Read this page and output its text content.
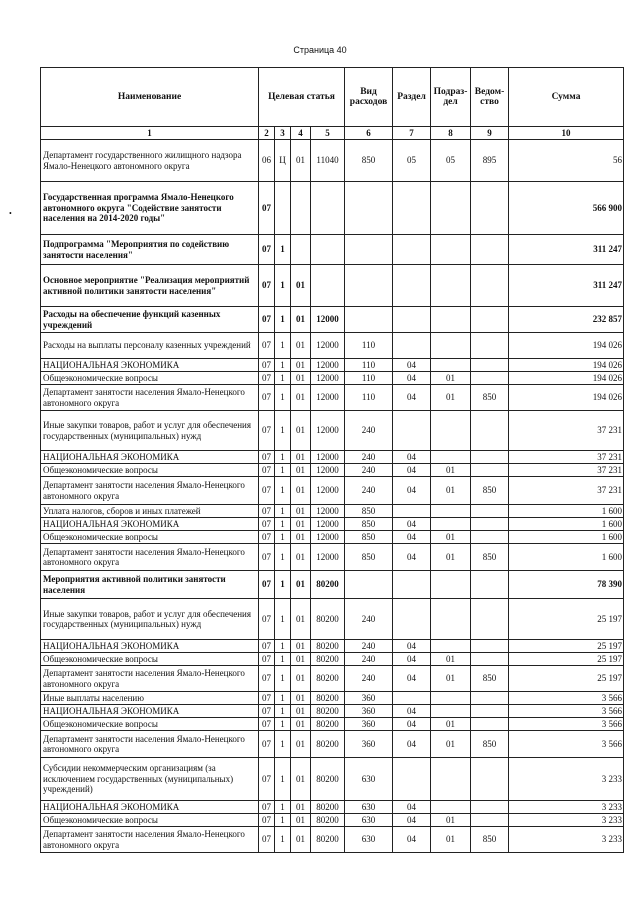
Страница 40
•
Наименование	Целевая статья				Вид расходов	Раздел	Подраз-дел	Ведом-ство	Сумма
1	2	3	4	5	6	7	8	9	10
Департамент государственного жилищного надзора Ямало-Ненецкого автономного округа	06	Ц	01	11040	850	05	05	895	56
Государственная программа Ямало-Ненецкого автономного округа "Содействие занятости населения на 2014-2020 годы"	07								566 900
Подпрограмма "Мероприятия по содействию занятости населения"	07	1							311 247
Основное мероприятие "Реализация мероприятий активной политики занятости населения"	07	1	01						311 247
Расходы на обеспечение функций казенных учреждений	07	1	01	12000					232 857
Расходы на выплаты персоналу казенных учреждений	07	1	01	12000	110				194 026
НАЦИОНАЛЬНАЯ ЭКОНОМИКА	07	1	01	12000	110	04			194 026
Общеэкономические вопросы	07	1	01	12000	110	04	01		194 026
Департамент занятости населения Ямало-Ненецкого автономного округа	07	1	01	12000	110	04	01	850	194 026
Иные закупки товаров, работ и услуг для обеспечения государственных (муниципальных) нужд	07	1	01	12000	240				37 231
НАЦИОНАЛЬНАЯ ЭКОНОМИКА	07	1	01	12000	240	04			37 231
Общеэкономические вопросы	07	1	01	12000	240	04	01		37 231
Департамент занятости населения Ямало-Ненецкого автономного округа	07	1	01	12000	240	04	01	850	37 231
Уплата налогов, сборов и иных платежей	07	1	01	12000	850				1 600
НАЦИОНАЛЬНАЯ ЭКОНОМИКА	07	1	01	12000	850	04			1 600
Общеэкономические вопросы	07	1	01	12000	850	04	01		1 600
Департамент занятости населения Ямало-Ненецкого автономного округа	07	1	01	12000	850	04	01	850	1 600
Мероприятия активной политики занятости населения	07	1	01	80200					78 390
Иные закупки товаров, работ и услуг для обеспечения государственных (муниципальных) нужд	07	1	01	80200	240				25 197
НАЦИОНАЛЬНАЯ ЭКОНОМИКА	07	1	01	80200	240	04			25 197
Общеэкономические вопросы	07	1	01	80200	240	04	01		25 197
Департамент занятости населения Ямало-Ненецкого автономного округа	07	1	01	80200	240	04	01	850	25 197
Иные выплаты населению	07	1	01	80200	360				3 566
НАЦИОНАЛЬНАЯ ЭКОНОМИКА	07	1	01	80200	360	04			3 566
Общеэкономические вопросы	07	1	01	80200	360	04	01		3 566
Департамент занятости населения Ямало-Ненецкого автономного округа	07	1	01	80200	360	04	01	850	3 566
Субсидии некоммерческим организациям (за исключением государственных (муниципальных) учреждений)	07	1	01	80200	630				3 233
НАЦИОНАЛЬНАЯ ЭКОНОМИКА	07	1	01	80200	630	04			3 233
Общеэкономические вопросы	07	1	01	80200	630	04	01		3 233
Департамент занятости населения Ямало-Ненецкого автономного округа	07	1	01	80200	630	04	01	850	3 233
